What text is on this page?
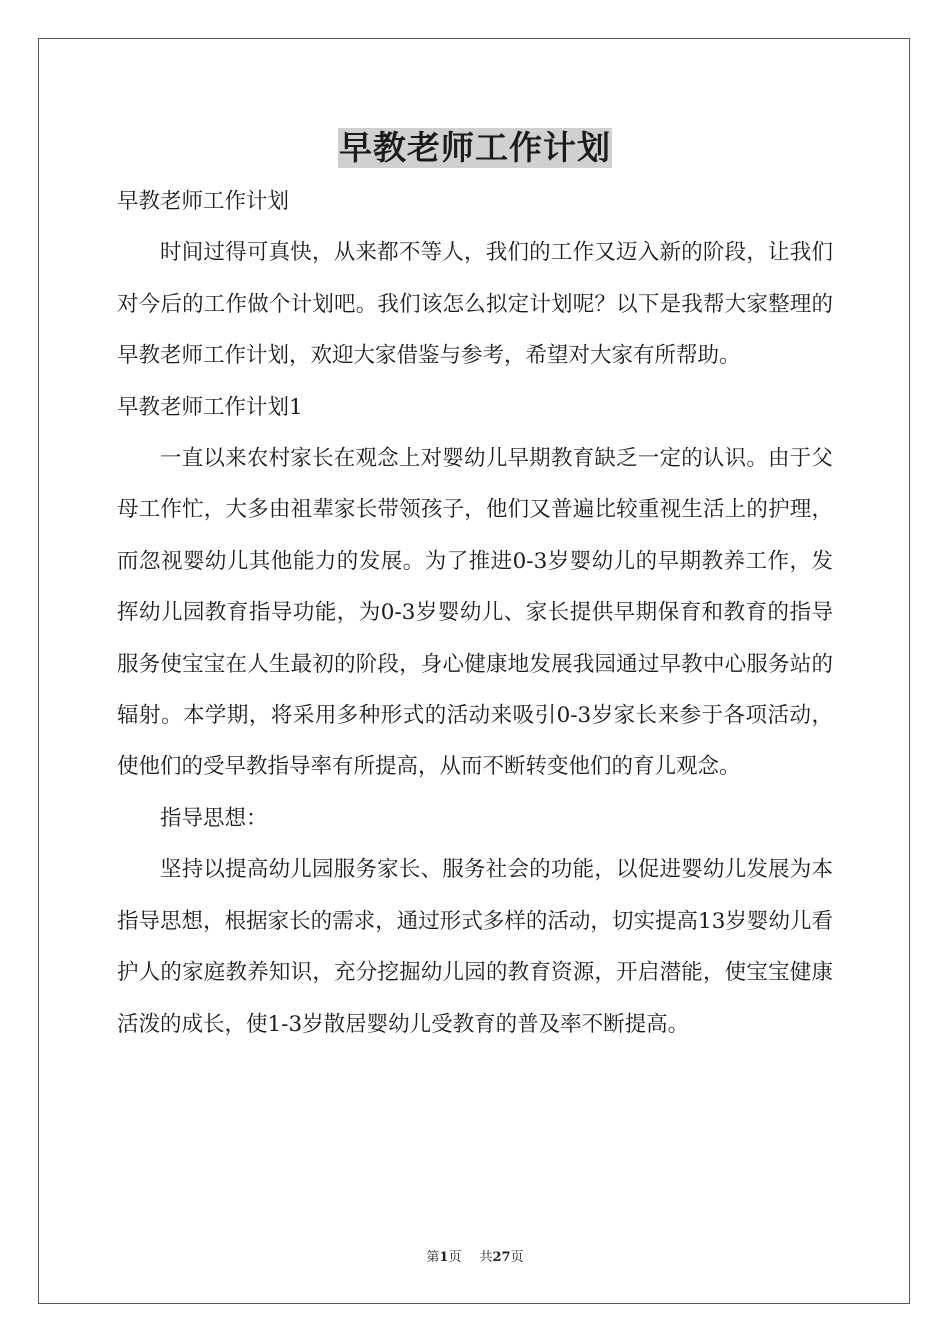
早教老师工作计划

早教老师工作计划

时间过得可真快，从来都不等人，我们的工作又迈入新的阶段，让我们对今后的工作做个计划吧。我们该怎么拟定计划呢？以下是我帮大家整理的早教老师工作计划，欢迎大家借鉴与参考，希望对大家有所帮助。

早教老师工作计划1

一直以来农村家长在观念上对婴幼儿早期教育缺乏一定的认识。由于父母工作忙，大多由祖辈家长带领孩子，他们又普遍比较重视生活上的护理，而忽视婴幼儿其他能力的发展。为了推进0-3岁婴幼儿的早期教养工作，发挥幼儿园教育指导功能，为0-3岁婴幼儿、家长提供早期保育和教育的指导服务使宝宝在人生最初的阶段，身心健康地发展我园通过早教中心服务站的辐射。本学期，将采用多种形式的活动来吸引0-3岁家长来参于各项活动，使他们的受早教指导率有所提高，从而不断转变他们的育儿观念。

指导思想：

坚持以提高幼儿园服务家长、服务社会的功能，以促进婴幼儿发展为本指导思想，根据家长的需求，通过形式多样的活动，切实提高13岁婴幼儿看护人的家庭教养知识，充分挖掘幼儿园的教育资源，开启潜能，使宝宝健康活泼的成长，使1-3岁散居婴幼儿受教育的普及率不断提高。

第1页 共27页
